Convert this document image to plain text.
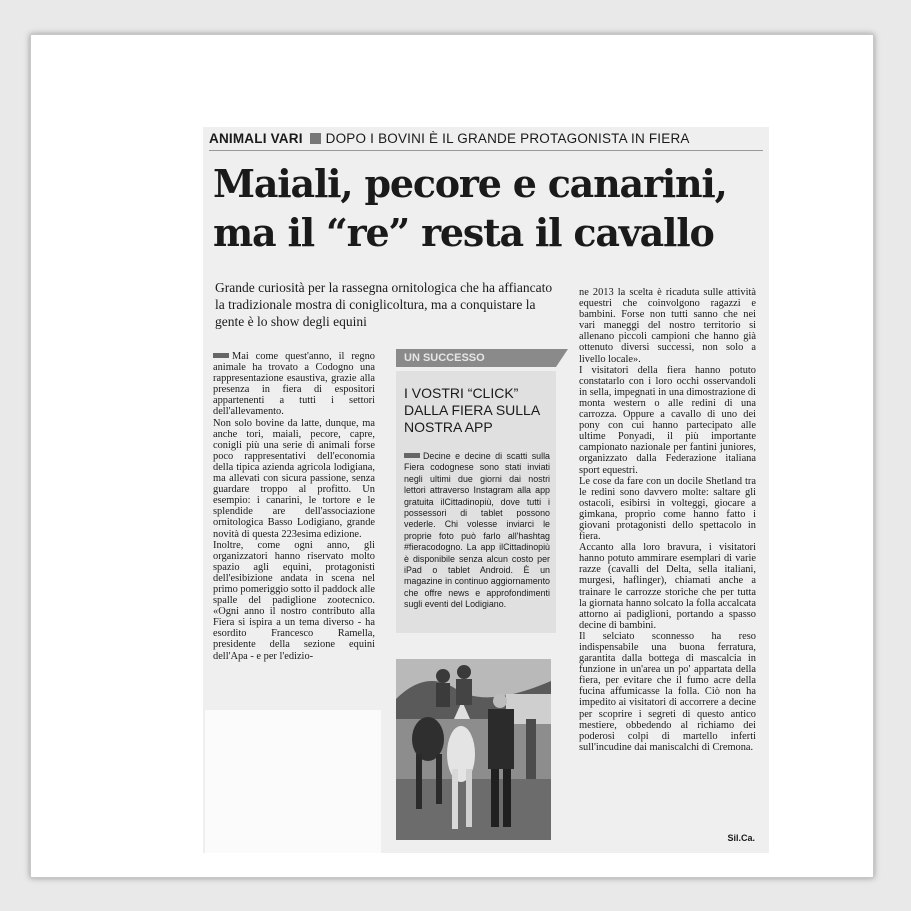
ANIMALI VARI DOPO I BOVINI È IL GRANDE PROTAGONISTA IN FIERA
Maiali, pecore e canarini, ma il “re” resta il cavallo

Grande curiosità per la rassegna ornitologica che ha affiancato la tradizionale mostra di coniglicoltura, ma a conquistare la gente è lo show degli equini

Mai come quest'anno, il regno animale ha trovato a Codogno una rappresentazione esaustiva, grazie alla presenza in fiera di espositori appartenenti a tutti i settori dell'allevamento.

Non solo bovine da latte, dunque, ma anche tori, maiali, pecore, capre, conigli più una serie di animali forse poco rappresentativi dell'economia della tipica azienda agricola lodigiana, ma allevati con sicura passione, senza guardare troppo al profitto. Un esempio: i canarini, le tortore e le splendide are dell'associazione ornitologica Basso Lodigiano, grande novità di questa 223esima edizione.

Inoltre, come ogni anno, gli organizzatori hanno riservato molto spazio agli equini, protagonisti dell'esibizione andata in scena nel primo pomeriggio sotto il paddock alle spalle del padiglione zootecnico. «Ogni anno il nostro contributo alla Fiera si ispira a un tema diverso - ha esordito Francesco Ramella, presidente della sezione equini dell'Apa - e per l'edizio-

UN SUCCESSO
I VOSTRI “CLICK” DALLA FIERA SULLA NOSTRA APP

Decine e decine di scatti sulla Fiera codognese sono stati inviati negli ultimi due giorni dai nostri lettori attraverso Instagram alla app gratuita ilCittadinopiù, dove tutti i possessori di tablet possono vederle. Chi volesse inviarci le proprie foto può farlo all'hashtag #fieracodogno. La app ilCittadinopiù è disponibile senza alcun costo per iPad o tablet Android. È un magazine in continuo aggiornamento che offre news e approfondimenti sugli eventi del Lodigiano.

ne 2013 la scelta è ricaduta sulle attività equestri che coinvolgono ragazzi e bambini. Forse non tutti sanno che nei vari maneggi del nostro territorio si allenano piccoli campioni che hanno già ottenuto diversi successi, non solo a livello locale».

I visitatori della fiera hanno potuto constatarlo con i loro occhi osservandoli in sella, impegnati in una dimostrazione di monta western o alle redini di una carrozza. Oppure a cavallo di uno dei pony con cui hanno partecipato alle ultime Ponyadi, il più importante campionato nazionale per fantini juniores, organizzato dalla Federazione italiana sport equestri.

Le cose da fare con un docile Shetland tra le redini sono davvero molte: saltare gli ostacoli, esibirsi in volteggi, giocare a gimkana, proprio come hanno fatto i giovani protagonisti dello spettacolo in fiera.

Accanto alla loro bravura, i visitatori hanno potuto ammirare esemplari di varie razze (cavalli del Delta, sella italiani, murgesi, haflinger), chiamati anche a trainare le carrozze storiche che per tutta la giornata hanno solcato la folla accalcata attorno ai padiglioni, portando a spasso decine di bambini.

Il selciato sconnesso ha reso indispensabile una buona ferratura, garantita dalla bottega di mascalcia in funzione in un'area un po' appartata della fiera, per evitare che il fumo acre della fucina affumicasse la folla. Ciò non ha impedito ai visitatori di accorrere a decine per scoprire i segreti di questo antico mestiere, obbedendo al richiamo dei poderosi colpi di martello inferti sull'incudine dai maniscalchi di Cremona.

Sil.Ca.
